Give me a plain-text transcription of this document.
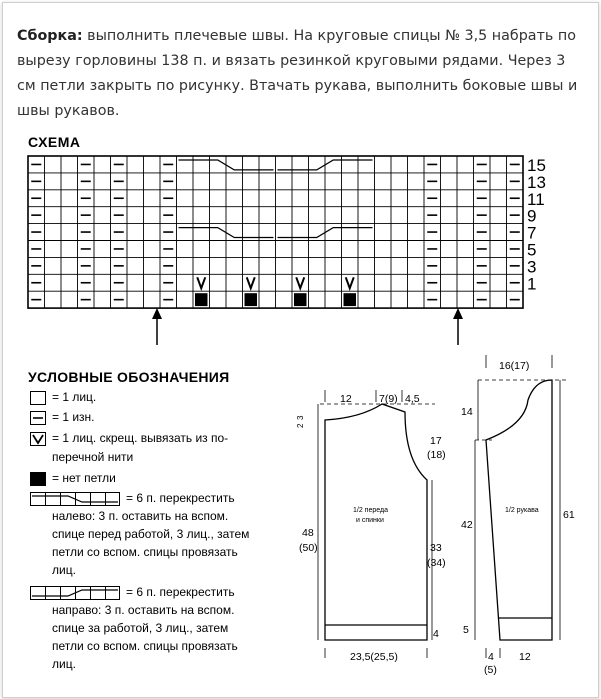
Сборка: выполнить плечевые швы. На круговые спицы № 3,5 набрать по вырезу горловины 138 п. и вязать резинкой круговыми рядами. Через 3 см петли закрыть по рисунку. Втачать рукава, выполнить боковые швы и швы рукавов.
СХЕМА
15
13
11
9
7
5
3
1
УСЛОВНЫЕ ОБОЗНАЧЕНИЯ
= 1 лиц.
= 1 изн.
= 1 лиц. скрещ. вывязать из по-
перечной нити
= нет петли
= 6 п. перекрестить
налево: 3 п. оставить на вспом.
спице перед работой, 3 лиц., затем
петли со вспом. спицы провязать
лиц.
= 6 п. перекрестить
направо: 3 п. оставить на вспом.
спице за работой, 3 лиц., затем
петли со вспом. спицы провязать
лиц.
12	7(9) 4,5
2
3
17
(18)
48
(50)	33
(34)
4
23,5(25,5)
1/2 переда
и спинки
16(17)
14
42
61
5
4
(5)
12
1/2 рукава
